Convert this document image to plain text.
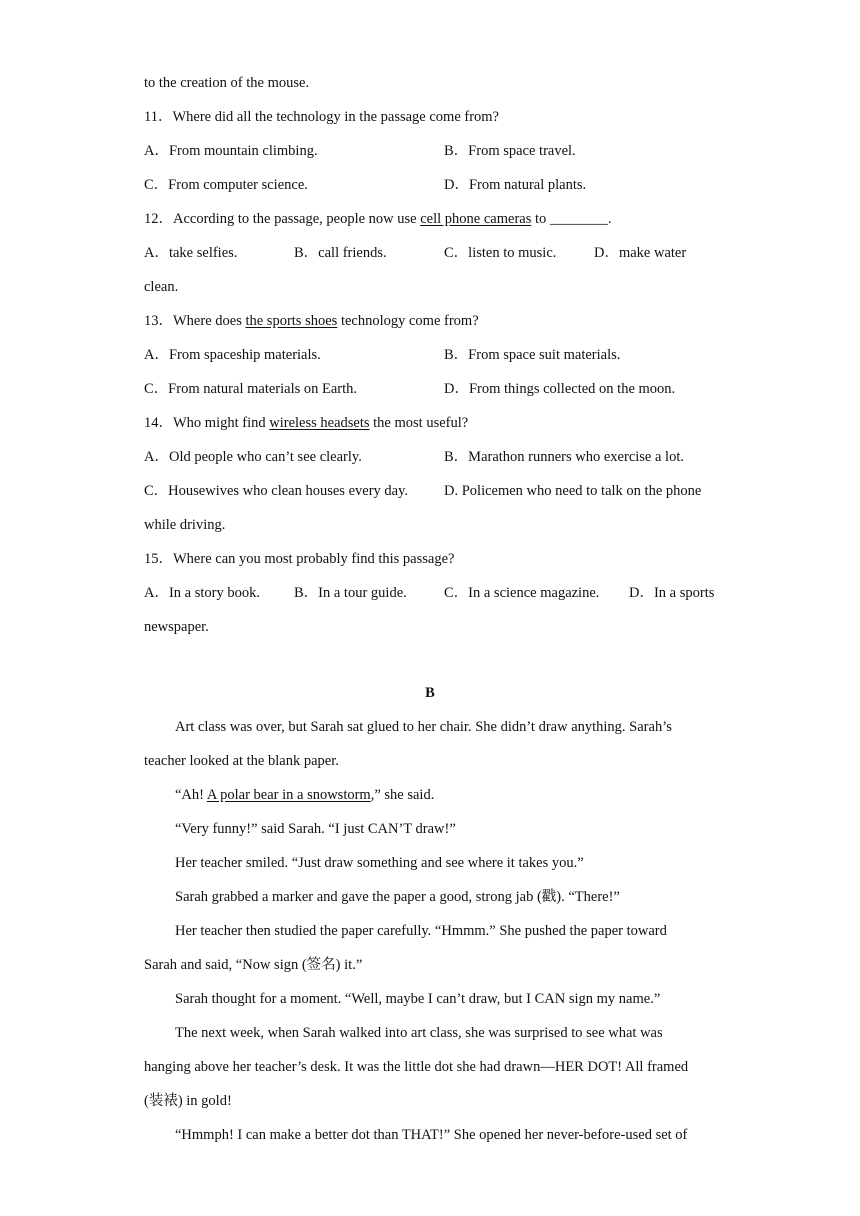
to the creation of the mouse.
11．Where did all the technology in the passage come from?
A．From mountain climbing.	B．From space travel.
C．From computer science.	D．From natural plants.
12．According to the passage, people now use cell phone cameras to ________.
A．take selfies.	B．call friends.	C．listen to music.	D．make water
clean.
13．Where does the sports shoes technology come from?
A．From spaceship materials.	B．From space suit materials.
C．From natural materials on Earth.	D．From things collected on the moon.
14．Who might find wireless headsets the most useful?
A．Old people who can’t see clearly.	B．Marathon runners who exercise a lot.
C．Housewives who clean houses every day. D. Policemen who need to talk on the phone
while driving.
15．Where can you most probably find this passage?
A．In a story book. B．In a tour guide.	C．In a science magazine. D．In a sports
newspaper.
B
Art class was over, but Sarah sat glued to her chair. She didn’t draw anything. Sarah’s
teacher looked at the blank paper.
“Ah! A polar bear in a snowstorm,” she said.
“Very funny!” said Sarah. “I just CAN’T draw!”
Her teacher smiled. “Just draw something and see where it takes you.”
Sarah grabbed a marker and gave the paper a good, strong jab (戳). “There!”
Her teacher then studied the paper carefully. “Hmmm.” She pushed the paper toward
Sarah and said, “Now sign (签名) it.”
Sarah thought for a moment. “Well, maybe I can’t draw, but I CAN sign my name.”
The next week, when Sarah walked into art class, she was surprised to see what was
hanging above her teacher’s desk. It was the little dot she had drawn—HER DOT! All framed
(装裱) in gold!
“Hmmph! I can make a better dot than THAT!” She opened her never-before-used set of
